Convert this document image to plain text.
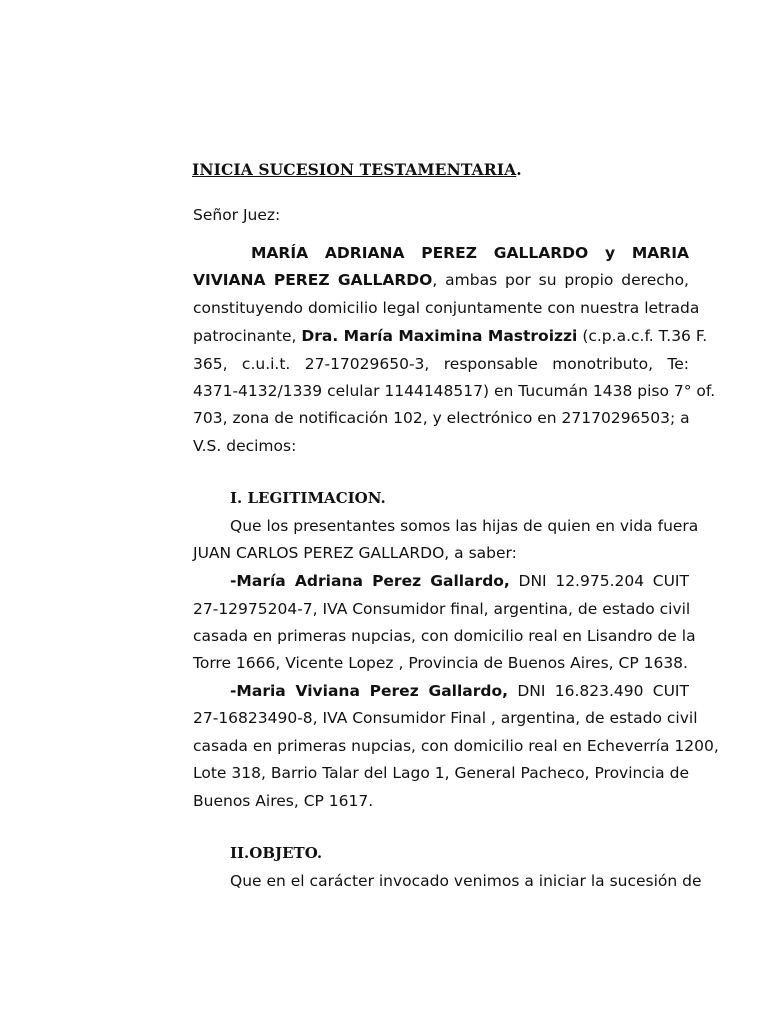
INICIA SUCESION TESTAMENTARIA.
Señor Juez:
MARÍA ADRIANA PEREZ GALLARDO y MARIA
VIVIANA PEREZ GALLARDO, ambas por su propio derecho,
constituyendo domicilio legal conjuntamente con nuestra letrada
patrocinante, Dra. María Maximina Mastroizzi (c.p.a.c.f. T.36 F.
365, c.u.i.t. 27-17029650-3, responsable monotributo, Te:
4371-4132/1339 celular 1144148517) en Tucumán 1438 piso 7° of.
703, zona de notificación 102, y electrónico en 27170296503; a
V.S. decimos:
I. LEGITIMACION.
Que los presentantes somos las hijas de quien en vida fuera
JUAN CARLOS PEREZ GALLARDO, a saber:
-María Adriana Perez Gallardo, DNI 12.975.204 CUIT
27-12975204-7, IVA Consumidor final, argentina, de estado civil
casada en primeras nupcias, con domicilio real en Lisandro de la
Torre 1666, Vicente Lopez , Provincia de Buenos Aires, CP 1638.
-Maria Viviana Perez Gallardo, DNI 16.823.490 CUIT
27-16823490-8, IVA Consumidor Final , argentina, de estado civil
casada en primeras nupcias, con domicilio real en Echeverría 1200,
Lote 318, Barrio Talar del Lago 1, General Pacheco, Provincia de
Buenos Aires, CP 1617.
II.OBJETO.
Que en el carácter invocado venimos a iniciar la sucesión de
